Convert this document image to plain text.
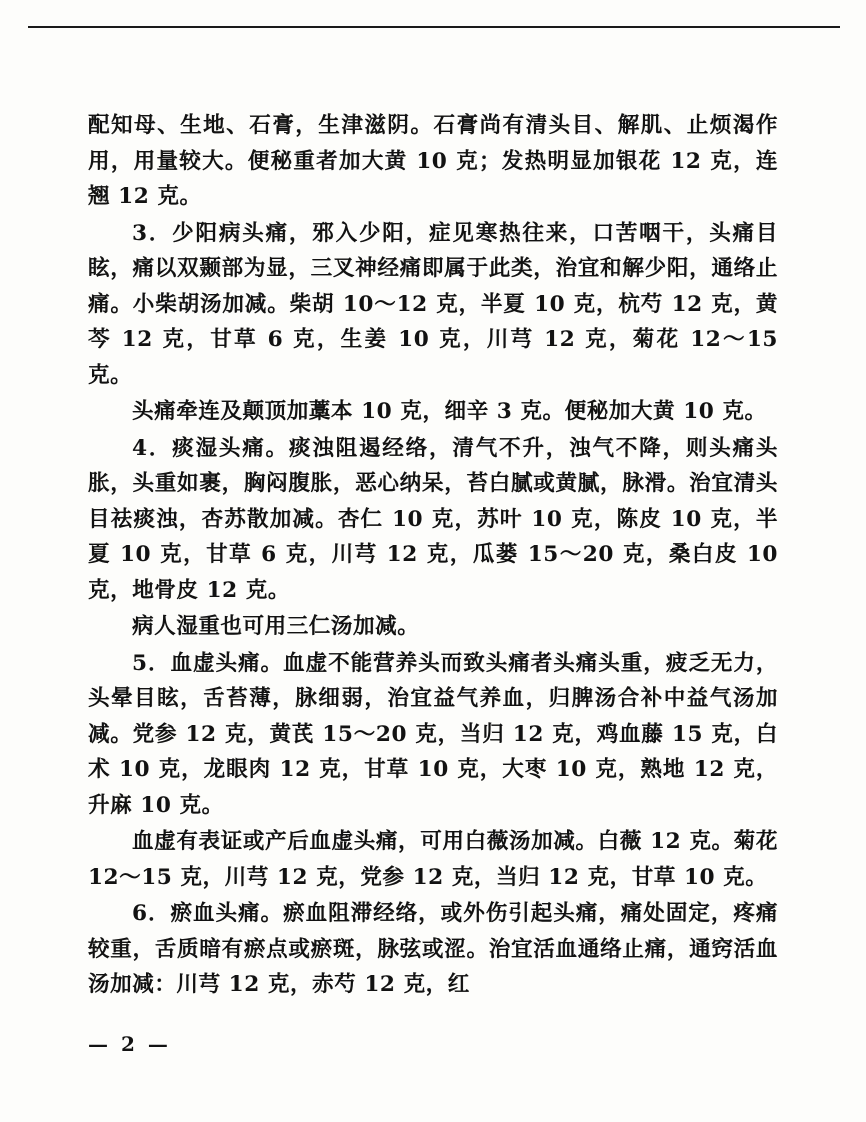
配知母、生地、石膏，生津滋阴。石膏尚有清头目、解肌、止烦渴作用，用量较大。便秘重者加大黄 10 克；发热明显加银花 12 克，连翘 12 克。

3．少阳病头痛，邪入少阳，症见寒热往来，口苦咽干，头痛目眩，痛以双颞部为显，三叉神经痛即属于此类，治宜和解少阳，通络止痛。小柴胡汤加减。柴胡 10～12 克，半夏 10 克，杭芍 12 克，黄芩 12 克，甘草 6 克，生姜 10 克，川芎 12 克，菊花 12～15 克。

头痛牵连及颠顶加藁本 10 克，细辛 3 克。便秘加大黄 10 克。

4．痰湿头痛。痰浊阻遏经络，清气不升，浊气不降，则头痛头胀，头重如裹，胸闷腹胀，恶心纳呆，苔白腻或黄腻，脉滑。治宜清头目祛痰浊，杏苏散加减。杏仁 10 克，苏叶 10 克，陈皮 10 克，半夏 10 克，甘草 6 克，川芎 12 克，瓜蒌 15～20 克，桑白皮 10 克，地骨皮 12 克。

病人湿重也可用三仁汤加减。

5．血虚头痛。血虚不能营养头而致头痛者头痛头重，疲乏无力，头晕目眩，舌苔薄，脉细弱，治宜益气养血，归脾汤合补中益气汤加减。党参 12 克，黄芪 15～20 克，当归 12 克，鸡血藤 15 克，白术 10 克，龙眼肉 12 克，甘草 10 克，大枣 10 克，熟地 12 克，升麻 10 克。

血虚有表证或产后血虚头痛，可用白薇汤加减。白薇 12 克。菊花 12～15 克，川芎 12 克，党参 12 克，当归 12 克，甘草 10 克。

6．瘀血头痛。瘀血阻滞经络，或外伤引起头痛，痛处固定，疼痛较重，舌质暗有瘀点或瘀斑，脉弦或涩。治宜活血通络止痛，通窍活血汤加减：川芎 12 克，赤芍 12 克，红

— 2 —
